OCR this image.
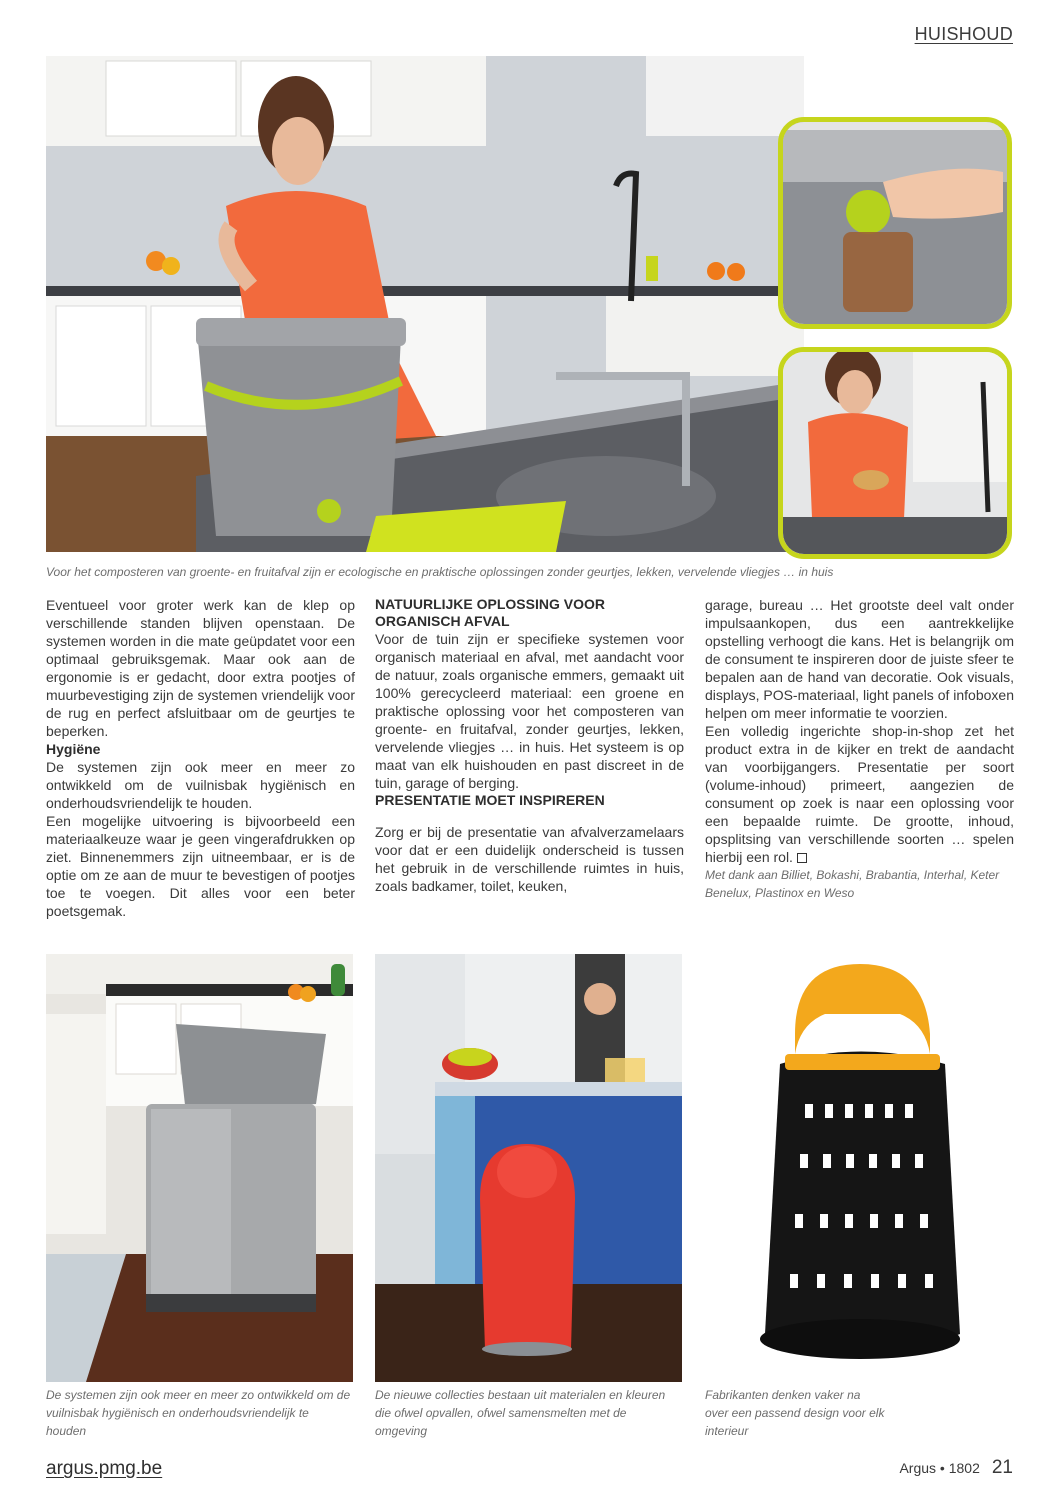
HUISHOUD
Voor het composteren van groente- en fruitafval zijn er ecologische en praktische oplossingen zonder geurtjes, lekken, vervelende vliegjes … in huis

Eventueel voor groter werk kan de klep op verschillende standen blijven openstaan. De systemen worden in die mate geüpdatet voor een optimaal gebruiksgemak. Maar ook aan de ergonomie is er gedacht, door extra pootjes of muurbevestiging zijn de systemen vriendelijk voor de rug en perfect afsluitbaar om de geurtjes te beperken.

Hygiëne

De systemen zijn ook meer en meer zo ontwikkeld om de vuilnisbak hygiënisch en onderhoudsvriendelijk te houden.

Een mogelijke uitvoering is bijvoorbeeld een materiaalkeuze waar je geen vingerafdrukken op ziet. Binnenemmers zijn uitneembaar, er is de optie om ze aan de muur te bevestigen of pootjes toe te voegen. Dit alles voor een beter poetsgemak.

NATUURLIJKE OPLOSSING VOOR ORGANISCH AFVAL

Voor de tuin zijn er specifieke systemen voor organisch materiaal en afval, met aandacht voor de natuur, zoals organische emmers, gemaakt uit 100% gerecycleerd materiaal: een groene en praktische oplossing voor het composteren van groente- en fruitafval, zonder geurtjes, lekken, vervelende vliegjes … in huis. Het systeem is op maat van elk huishouden en past discreet in de tuin, garage of berging.

PRESENTATIE MOET INSPIREREN

Zorg er bij de presentatie van afvalverzamelaars voor dat er een duidelijk onderscheid is tussen het gebruik in de verschillende ruimtes in huis, zoals badkamer, toilet, keuken,

garage, bureau … Het grootste deel valt onder impulsaankopen, dus een aantrekkelijke opstelling verhoogt die kans. Het is belangrijk om de consument te inspireren door de juiste sfeer te bepalen aan de hand van decoratie. Ook visuals, displays, POS-materiaal, light panels of infoboxen helpen om meer informatie te voorzien.

Een volledig ingerichte shop-in-shop zet het product extra in de kijker en trekt de aandacht van voorbijgangers. Presentatie per soort (volume-inhoud) primeert, aangezien de consument op zoek is naar een oplossing voor een bepaalde ruimte. De grootte, inhoud, opsplitsing van verschillende soorten … spelen hierbij een rol.

Met dank aan Billiet, Bokashi, Brabantia, Interhal, Keter Benelux, Plastinox en Weso

De systemen zijn ook meer en meer zo ontwikkeld om de vuilnisbak hygiënisch en onderhoudsvriendelijk te houden
De nieuwe collecties bestaan uit materialen en kleuren die ofwel opvallen, ofwel samensmelten met de omgeving
Fabrikanten denken vaker na over een passend design voor elk interieur
argus.pmg.be	Argus • 1802 21
